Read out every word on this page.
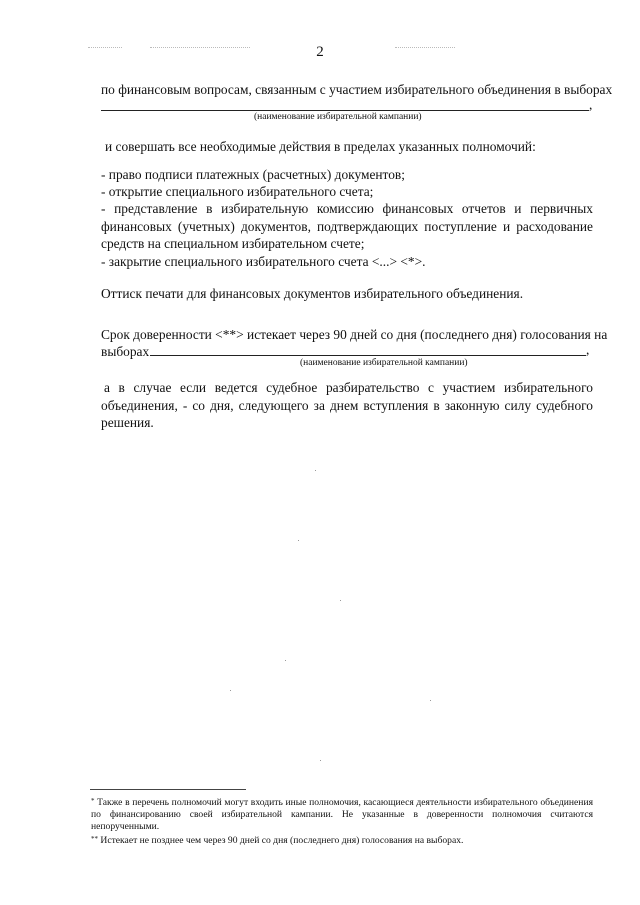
2
по финансовым вопросам, связанным с участием избирательного объединения в выборах
,
(наименование избирательной кампании)
и совершать все необходимые действия в пределах указанных полномочий:
- право подписи платежных (расчетных) документов;
- открытие специального избирательного счета;
- представление в избирательную комиссию финансовых отчетов и первичных финансовых (учетных) документов, подтверждающих поступление и расходование средств на специальном избирательном счете;
- закрытие специального избирательного счета <...> <*>.
Оттиск печати для финансовых документов избирательного объединения.
Срок доверенности <**> истекает через 90 дней со дня (последнего дня) голосования на
выборах	,
(наименование избирательной кампании)
а в случае если ведется судебное разбирательство с участием избирательного объединения, - со дня, следующего за днем вступления в законную силу судебного решения.
* Также в перечень полномочий могут входить иные полномочия, касающиеся деятельности избирательного объединения по финансированию своей избирательной кампании. Не указанные в доверенности полномочия считаются непорученными.
** Истекает не позднее чем через 90 дней со дня (последнего дня) голосования на выборах.
